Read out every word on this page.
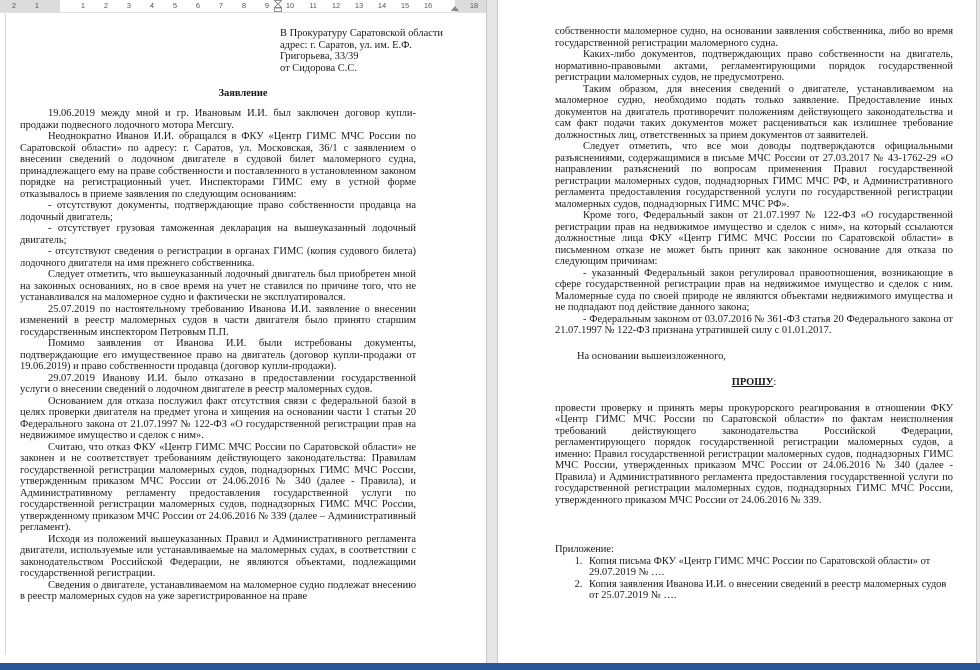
2	1	1	2	3	4	5	6	7	8	9 10 11 12 13 14 15 16	18
В Прокуратуру Саратовской области
адрес: г. Саратов, ул. им. Е.Ф.
Григорьева, 33/39
от Сидорова С.С.
Заявление

19.06.2019 между мной и гр. Ивановым И.И. был заключен договор купли-продажи подвесного лодочного мотора Mercury.

Неоднократно Иванов И.И. обращался в ФКУ «Центр ГИМС МЧС России по Саратовской области» по адресу: г. Саратов, ул. Московская, 36/1 с заявлением о внесении сведений о лодочном двигателе в судовой билет маломерного судна, принадлежащего ему на праве собственности и поставленного в установленном законом порядке на регистрационный учет. Инспекторами ГИМС ему в устной форме отказывалось в приеме заявления по следующим основаниям:

- отсутствуют документы, подтверждающие право собственности продавца на лодочный двигатель;

- отсутствует грузовая таможенная декларация на вышеуказанный лодочный двигатель;

- отсутствуют сведения о регистрации в органах ГИМС (копия судового билета) лодочного двигателя на имя прежнего собственника.

Следует отметить, что вышеуказанный лодочный двигатель был приобретен мной на законных основаниях, но в свое время на учет не ставился по причине того, что не устанавливался на маломерное судно и фактически не эксплуатировался.

25.07.2019 по настоятельному требованию Иванова И.И. заявление о внесении изменений в реестр маломерных судов в части двигателя было принято старшим государственным инспектором Петровым П.П.

Помимо заявления от Иванова И.И. были истребованы документы, подтверждающие его имущественное право на двигатель (договор купли-продажи от 19.06.2019) и право собственности продавца (договор купли-продажи).

29.07.2019 Иванову И.И. было отказано в предоставлении государственной услуги о внесении сведений о лодочном двигателе в реестр маломерных судов.

Основанием для отказа послужил факт отсутствия связи с федеральной базой в целях проверки двигателя на предмет угона и хищения на основании части 1 статьи 20 Федерального закона от 21.07.1997 № 122-ФЗ «О государственной регистрации прав на недвижимое имущество и сделок с ним».

Считаю, что отказ ФКУ «Центр ГИМС МЧС России по Саратовской области» не законен и не соответствует требованиям действующего законодательства: Правилам государственной регистрации маломерных судов, поднадзорных ГИМС МЧС России, утвержденным приказом МЧС России от 24.06.2016 № 340 (далее - Правила), и Административному регламенту предоставления государственной услуги по государственной регистрации маломерных судов, поднадзорных ГИМС МЧС России, утвержденному приказом МЧС России от 24.06.2016 № 339 (далее – Административный регламент).

Исходя из положений вышеуказанных Правил и Административного регламента двигатели, используемые или устанавливаемые на маломерных судах, в соответствии с законодательством Российской Федерации, не являются объектами, подлежащими государственной регистрации.

Сведения о двигателе, устанавливаемом на маломерное судно подлежат внесению в реестр маломерных судов на уже зарегистрированное на праве

собственности маломерное судно, на основании заявления собственника, либо во время государственной регистрации маломерного судна.

Каких-либо документов, подтверждающих право собственности на двигатель, нормативно-правовыми актами, регламентирующими порядок государственной регистрации маломерных судов, не предусмотрено.

Таким образом, для внесения сведений о двигателе, устанавливаемом на маломерное судно, необходимо подать только заявление. Предоставление иных документов на двигатель противоречит положениям действующего законодательства и сам факт подачи таких документов может расцениваться как излишнее требование должностных лиц, ответственных за прием документов от заявителей.

Следует отметить, что все мои доводы подтверждаются официальными разъяснениями, содержащимися в письме МЧС России от 27.03.2017 № 43-1762-29 «О направлении разъяснений по вопросам применения Правил государственной регистрации маломерных судов, поднадзорных ГИМС МЧС РФ, и Административного регламента предоставления государственной услуги по государственной регистрации маломерных судов, поднадзорных ГИМС МЧС РФ».

Кроме того, Федеральный закон от 21.07.1997 № 122-ФЗ «О государственной регистрации прав на недвижимое имущество и сделок с ним», на который ссылаются должностные лица ФКУ «Центр ГИМС МЧС России по Саратовской области» в письменном отказе не может быть принят как законное основание для отказа по следующим причинам:

- указанный Федеральный закон регулировал правоотношения, возникающие в сфере государственной регистрации прав на недвижимое имущество и сделок с ним. Маломерные суда по своей природе не являются объектами недвижимого имущества и не подпадают под действие данного закона;

- Федеральным законом от 03.07.2016 № 361-ФЗ статья 20 Федерального закона от 21.07.1997 № 122-ФЗ признана утратившей силу с 01.01.2017.

На основании вышеизложенного,

ПРОШУ:

провести проверку и принять меры прокурорского реагирования в отношении ФКУ «Центр ГИМС МЧС России по Саратовской области» по фактам неисполнения требований действующего законодательства Российской Федерации, регламентирующего порядок государственной регистрации маломерных судов, а именно: Правил государственной регистрации маломерных судов, поднадзорных ГИМС МЧС России, утвержденных приказом МЧС России от 24.06.2016 № 340 (далее - Правила) и Административного регламента предоставления государственной услуги по государственной регистрации маломерных судов, поднадзорных ГИМС МЧС России, утвержденного приказом МЧС России от 24.06.2016 № 339.

Приложение:
1. Копия письма ФКУ «Центр ГИМС МЧС России по Саратовской области» от 29.07.2019 № ….
2. Копия заявления Иванова И.И. о внесении сведений в реестр маломерных судов от 25.07.2019 № ….
